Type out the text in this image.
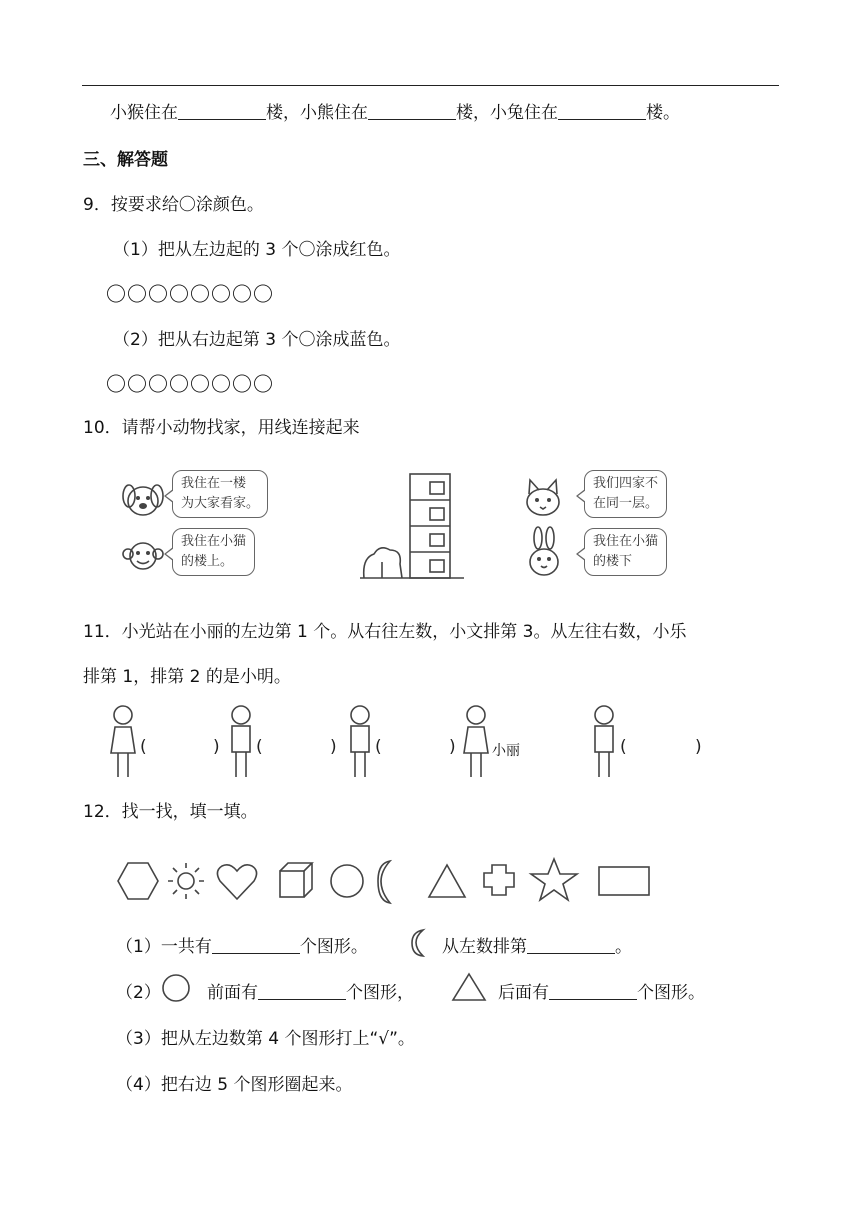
小猴住在	楼，小熊住在	楼，小兔住在	楼。
三、解答题
9．按要求给〇涂颜色。
（1）把从左边起的 3 个〇涂成红色。
〇〇〇〇〇〇〇〇
（2）把从右边起第 3 个〇涂成蓝色。
〇〇〇〇〇〇〇〇
10．请帮小动物找家，用线连接起来
我住在一楼
为大家看家。
我住在小猫
的楼上。
我们四家不
在同一层。
我住在小猫
的楼下
11．小光站在小丽的左边第 1 个。从右往左数，小文排第 3。从左往右数，小乐
排第 1，排第 2 的是小明。
(	) (	) (	)	小丽	(	)
12．找一找，填一填。
（1）一共有	个图形。	从左数排第	。
（2）	前面有	个图形，	后面有	个图形。
（3）把从左边数第 4 个图形打上“√”。
（4）把右边 5 个图形圈起来。
